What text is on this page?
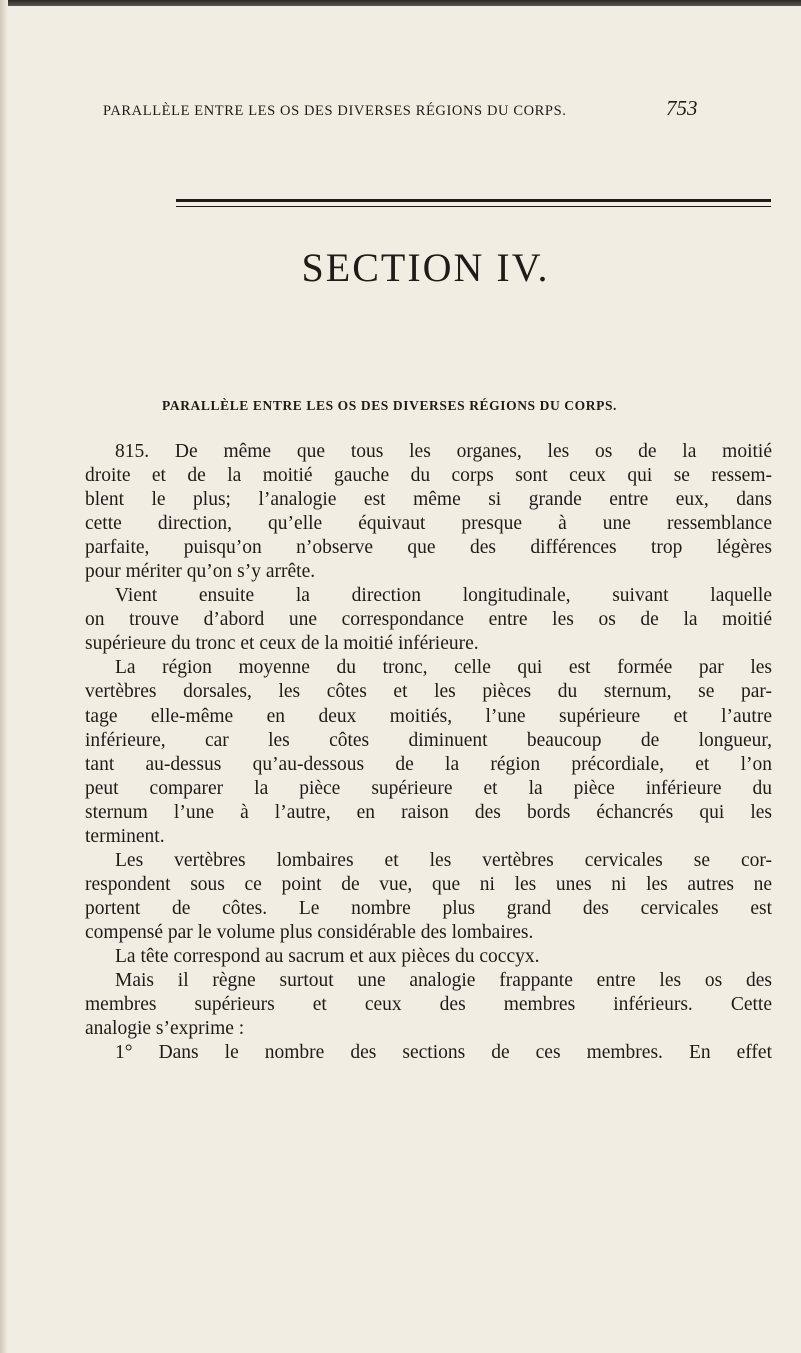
PARALLÈLE ENTRE LES OS DES DIVERSES RÉGIONS DU CORPS.	753
SECTION IV.
PARALLÈLE ENTRE LES OS DES DIVERSES RÉGIONS DU CORPS.
815. De même que tous les organes, les os de la moitié
droite et de la moitié gauche du corps sont ceux qui se ressem-
blent le plus; l’analogie est même si grande entre eux, dans
cette direction, qu’elle équivaut presque à une ressemblance
parfaite, puisqu’on n’observe que des différences trop légères
pour mériter qu’on s’y arrête.
Vient ensuite la direction longitudinale, suivant laquelle
on trouve d’abord une correspondance entre les os de la moitié
supérieure du tronc et ceux de la moitié inférieure.
La région moyenne du tronc, celle qui est formée par les
vertèbres dorsales, les côtes et les pièces du sternum, se par-
tage elle-même en deux moitiés, l’une supérieure et l’autre
inférieure, car les côtes diminuent beaucoup de longueur,
tant au-dessus qu’au-dessous de la région précordiale, et l’on
peut comparer la pièce supérieure et la pièce inférieure du
sternum l’une à l’autre, en raison des bords échancrés qui les
terminent.
Les vertèbres lombaires et les vertèbres cervicales se cor-
respondent sous ce point de vue, que ni les unes ni les autres ne
portent de côtes. Le nombre plus grand des cervicales est
compensé par le volume plus considérable des lombaires.
La tête correspond au sacrum et aux pièces du coccyx.
Mais il règne surtout une analogie frappante entre les os des
membres supérieurs et ceux des membres inférieurs. Cette
analogie s’exprime :
1° Dans le nombre des sections de ces membres. En effet
